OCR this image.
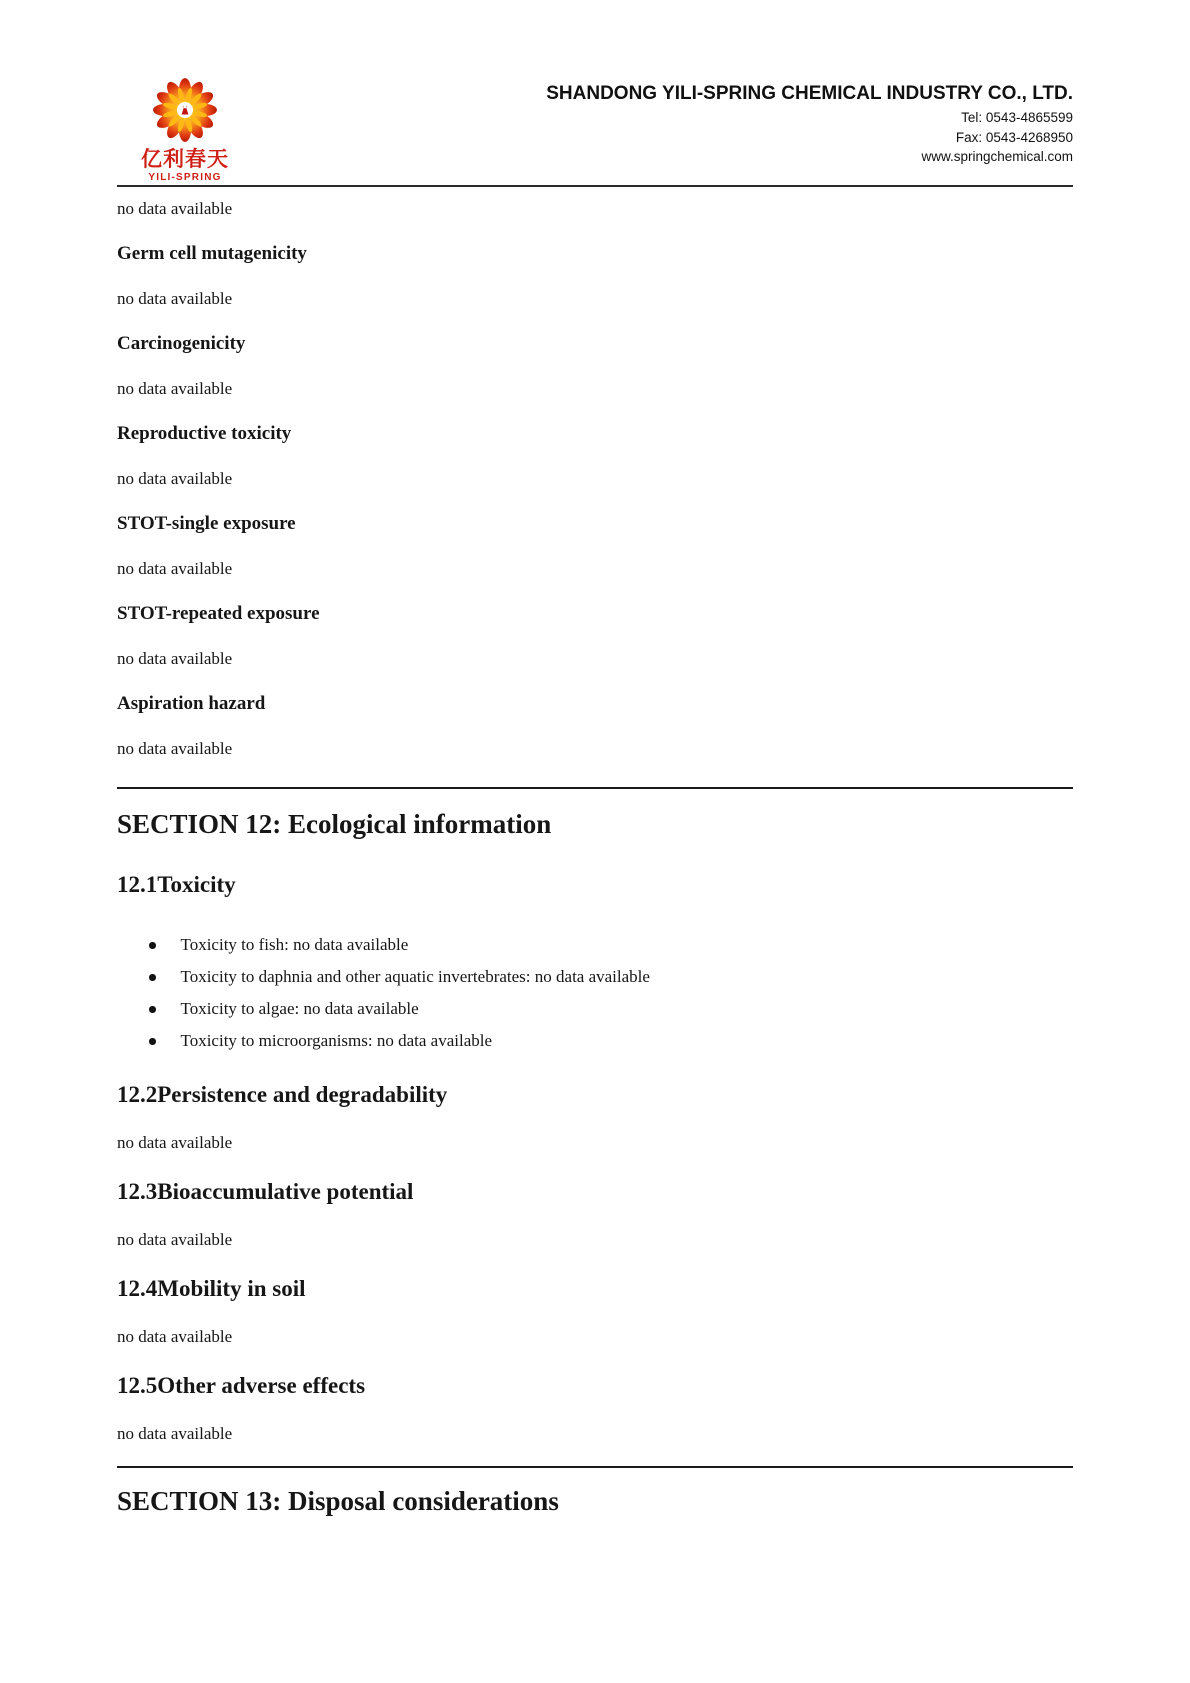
亿利春天
YILI-SPRING
SHANDONG YILI-SPRING CHEMICAL INDUSTRY CO., LTD.
Tel: 0543-4865599
Fax: 0543-4268950
www.springchemical.com

no data available

Germ cell mutagenicity

no data available

Carcinogenicity

no data available

Reproductive toxicity

no data available

STOT-single exposure

no data available

STOT-repeated exposure

no data available

Aspiration hazard

no data available

SECTION 12: Ecological information
12.1Toxicity
Toxicity to fish: no data available
Toxicity to daphnia and other aquatic invertebrates: no data available
Toxicity to algae: no data available
Toxicity to microorganisms: no data available
12.2Persistence and degradability

no data available

12.3Bioaccumulative potential

no data available

12.4Mobility in soil

no data available

12.5Other adverse effects

no data available

SECTION 13: Disposal considerations
